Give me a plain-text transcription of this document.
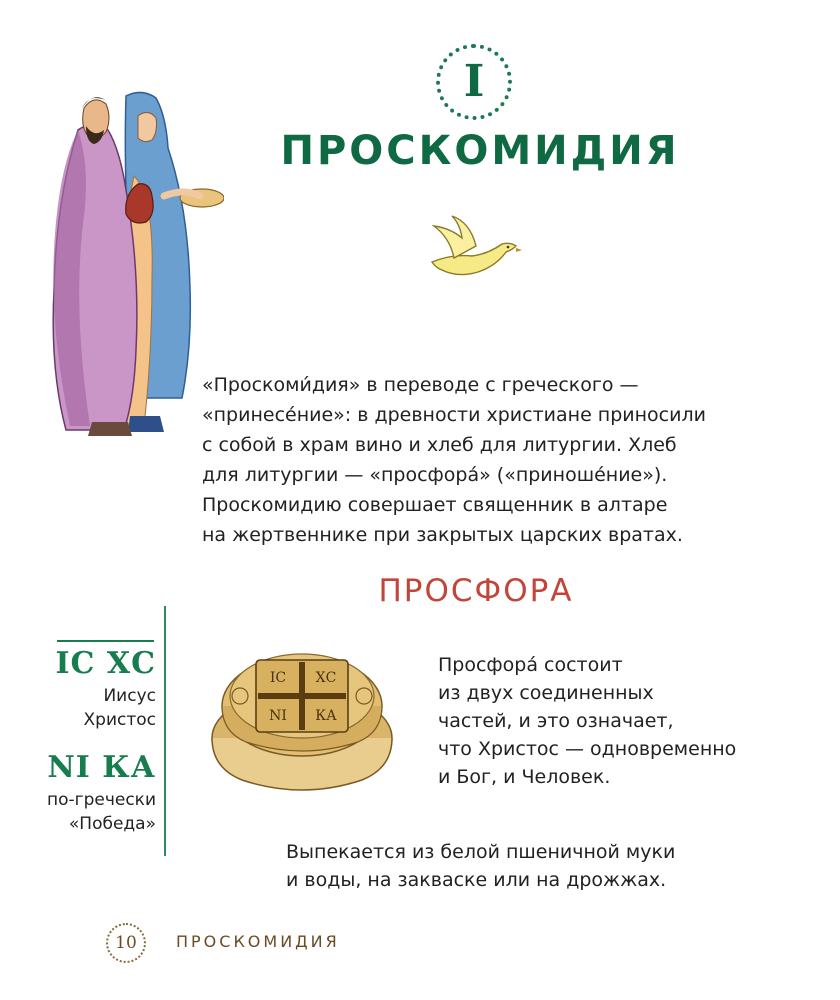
I
ПРОСКОМИДИЯ

«Проскоми́дия» в переводе с греческого —

«принесе́ние»: в древности христиане приносили

с собой в храм вино и хлеб для литургии. Хлеб

для литургии — «просфора́» («приноше́ние»).

Проскомидию совершает священник в алтаре

на жертвеннике при закрытых царских вратах.

ПРОСФОРА
ІС ХС
Иисус
Христос
NI КА
по-гречески
«Победа»
ІС ХС
NI КА

Просфора́ состоит

из двух соединенных

частей, и это означает,

что Христос — одновременно

и Бог, и Человек.

Выпекается из белой пшеничной муки

и воды, на закваске или на дрожжах.

10	ПРОСКОМИДИЯ
